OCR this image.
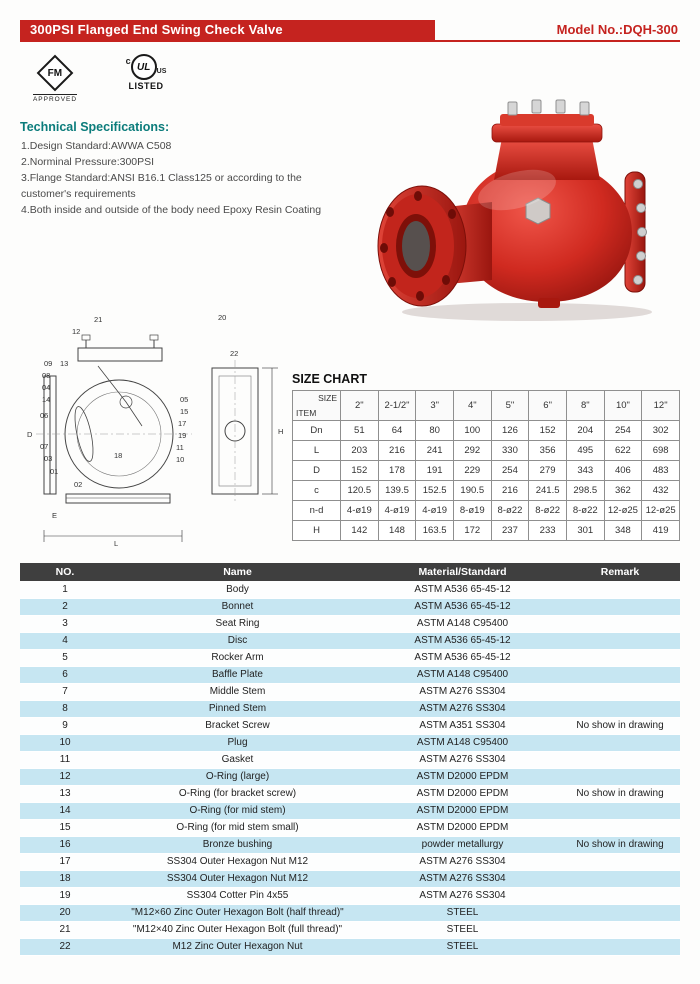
300PSI Flanged End Swing Check Valve	Model No.:DQH-300
FM
APPROVED
c
UL US
LISTED
Technical Specifications:
1.Design Standard:AWWA C508
2.Norminal Pressure:300PSI
3.Flange Standard:ANSI B16.1 Class125 or according to the customer's requirements
4.Both inside and outside of the body need Epoxy Resin Coating
21
12
20
22
09 13
08
04
14
06
D
07
03
01
02
18
05
15
17
19
11
10
H
E
L
SIZE CHART
SIZE
ITEM	2"	2-1/2"	3"	4"	5"	6"	8"	10"	12"
Dn	51	64	80	100	126	152	204	254	302
L	203	216	241	292	330	356	495	622	698
D	152	178	191	229	254	279	343	406	483
c	120.5	139.5	152.5	190.5	216	241.5	298.5	362	432
n-d	4-ø19	4-ø19	4-ø19	8-ø19	8-ø22	8-ø22	8-ø22	12-ø25	12-ø25
H	142	148	163.5	172	237	233	301	348	419
NO.	Name	Material/Standard	Remark
1	Body	ASTM A536 65-45-12	
2	Bonnet	ASTM A536 65-45-12	
3	Seat Ring	ASTM A148 C95400	
4	Disc	ASTM A536 65-45-12	
5	Rocker Arm	ASTM A536 65-45-12	
6	Baffle Plate	ASTM A148 C95400	
7	Middle Stem	ASTM A276 SS304	
8	Pinned Stem	ASTM A276 SS304	
9	Bracket Screw	ASTM A351 SS304	No show in drawing
10	Plug	ASTM A148 C95400	
11	Gasket	ASTM A276 SS304	
12	O-Ring (large)	ASTM D2000 EPDM	
13	O-Ring (for bracket screw)	ASTM D2000 EPDM	No show in drawing
14	O-Ring (for mid stem)	ASTM D2000 EPDM	
15	O-Ring (for mid stem small)	ASTM D2000 EPDM	
16	Bronze bushing	powder metallurgy	No show in drawing
17	SS304 Outer Hexagon Nut M12	ASTM A276 SS304	
18	SS304 Outer Hexagon Nut M12	ASTM A276 SS304	
19	SS304 Cotter Pin 4x55	ASTM A276 SS304	
20	"M12×60 Zinc Outer Hexagon Bolt (half thread)"	STEEL	
21	"M12×40 Zinc Outer Hexagon Bolt (full thread)"	STEEL	
22	M12 Zinc Outer Hexagon Nut	STEEL	
